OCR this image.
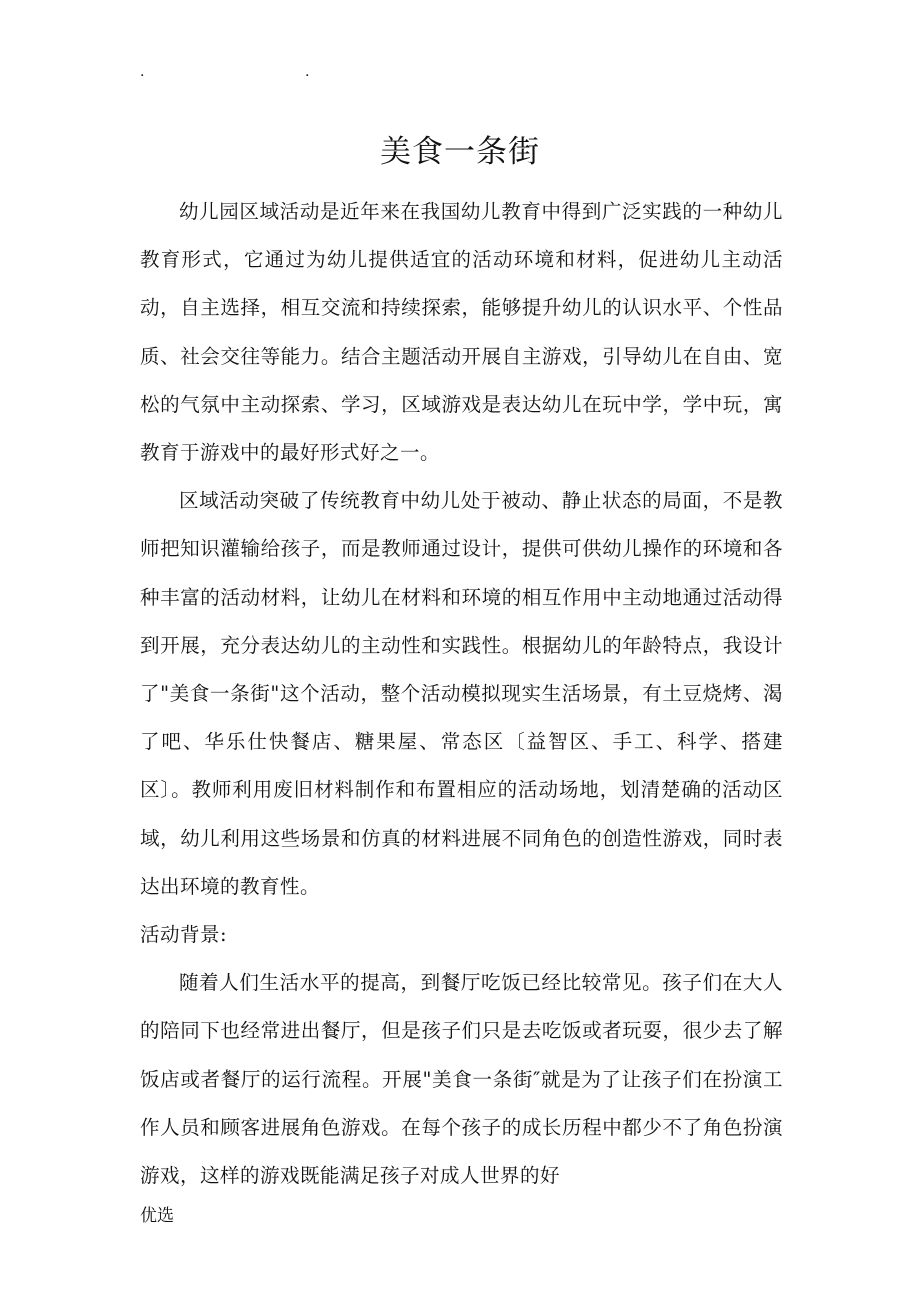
.	.
美食一条街

幼儿园区域活动是近年来在我国幼儿教育中得到广泛实践的一种幼儿教育形式，它通过为幼儿提供适宜的活动环境和材料，促进幼儿主动活动，自主选择，相互交流和持续探索，能够提升幼儿的认识水平、个性品质、社会交往等能力。结合主题活动开展自主游戏，引导幼儿在自由、宽松的气氛中主动探索、学习，区域游戏是表达幼儿在玩中学，学中玩，寓教育于游戏中的最好形式好之一。

区域活动突破了传统教育中幼儿处于被动、静止状态的局面，不是教师把知识灌输给孩子，而是教师通过设计，提供可供幼儿操作的环境和各种丰富的活动材料，让幼儿在材料和环境的相互作用中主动地通过活动得到开展，充分表达幼儿的主动性和实践性。根据幼儿的年龄特点，我设计了"美食一条街"这个活动，整个活动模拟现实生活场景，有土豆烧烤、渴了吧、华乐仕快餐店、糖果屋、常态区〔益智区、手工、科学、搭建区〕。教师利用废旧材料制作和布置相应的活动场地，划清楚确的活动区域，幼儿利用这些场景和仿真的材料进展不同角色的创造性游戏，同时表达出环境的教育性。

活动背景:

随着人们生活水平的提高，到餐厅吃饭已经比较常见。孩子们在大人的陪同下也经常进出餐厅，但是孩子们只是去吃饭或者玩耍，很少去了解饭店或者餐厅的运行流程。开展"美食一条街″就是为了让孩子们在扮演工作人员和顾客进展角色游戏。在每个孩子的成长历程中都少不了角色扮演游戏，这样的游戏既能满足孩子对成人世界的好

优选
